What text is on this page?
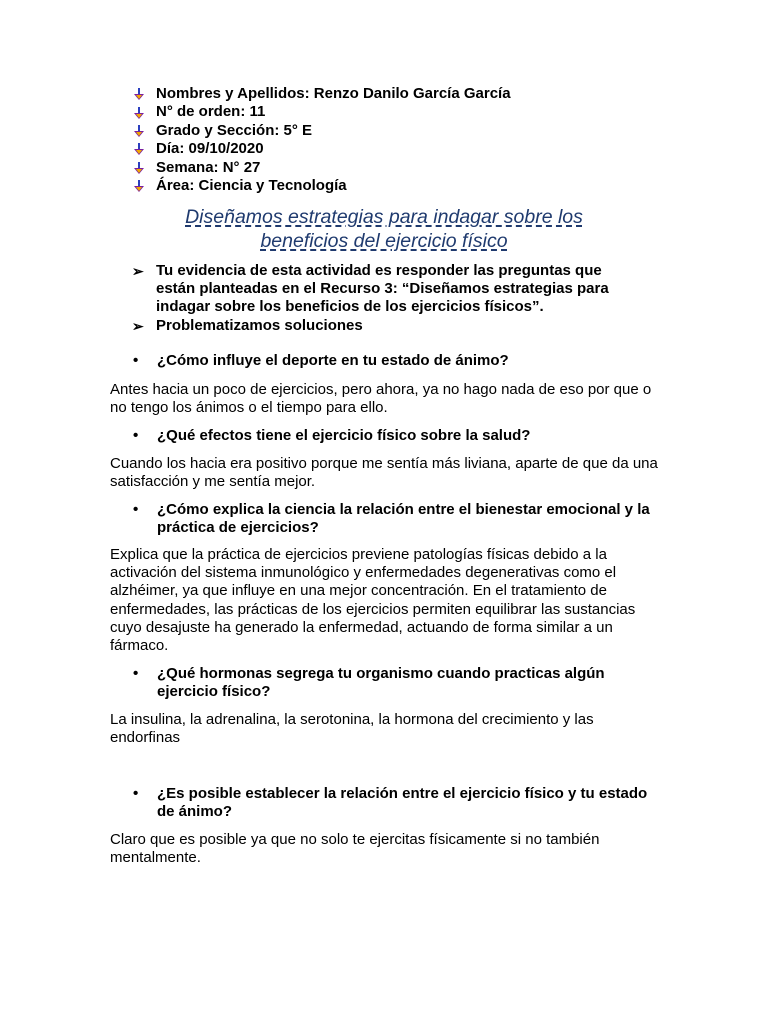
Nombres y Apellidos: Renzo Danilo García García
N° de orden: 11
Grado y Sección: 5° E
Día: 09/10/2020
Semana: N° 27
Área: Ciencia y Tecnología
Diseñamos estrategias para indagar sobre los
beneficios del ejercicio físico
➢ Tu evidencia de esta actividad es responder las preguntas que están planteadas en el Recurso 3: “Diseñamos estrategias para indagar sobre los beneficios de los ejercicios físicos”.
➢ Problematizamos soluciones
•	¿Cómo influye el deporte en tu estado de ánimo?

Antes hacia un poco de ejercicios, pero ahora, ya no hago nada de eso por que o no tengo los ánimos o el tiempo para ello.

•	¿Qué efectos tiene el ejercicio físico sobre la salud?

Cuando los hacia era positivo porque me sentía más liviana, aparte de que da una satisfacción y me sentía mejor.

•	¿Cómo explica la ciencia la relación entre el bienestar emocional y la práctica de ejercicios?

Explica que la práctica de ejercicios previene patologías físicas debido a la activación del sistema inmunológico y enfermedades degenerativas como el alzhéimer, ya que influye en una mejor concentración. En el tratamiento de enfermedades, las prácticas de los ejercicios permiten equilibrar las sustancias cuyo desajuste ha generado la enfermedad, actuando de forma similar a un fármaco.

•	¿Qué hormonas segrega tu organismo cuando practicas algún ejercicio físico?

La insulina, la adrenalina, la serotonina, la hormona del crecimiento y las endorfinas

•	¿Es posible establecer la relación entre el ejercicio físico y tu estado de ánimo?

Claro que es posible ya que no solo te ejercitas físicamente si no también mentalmente.
